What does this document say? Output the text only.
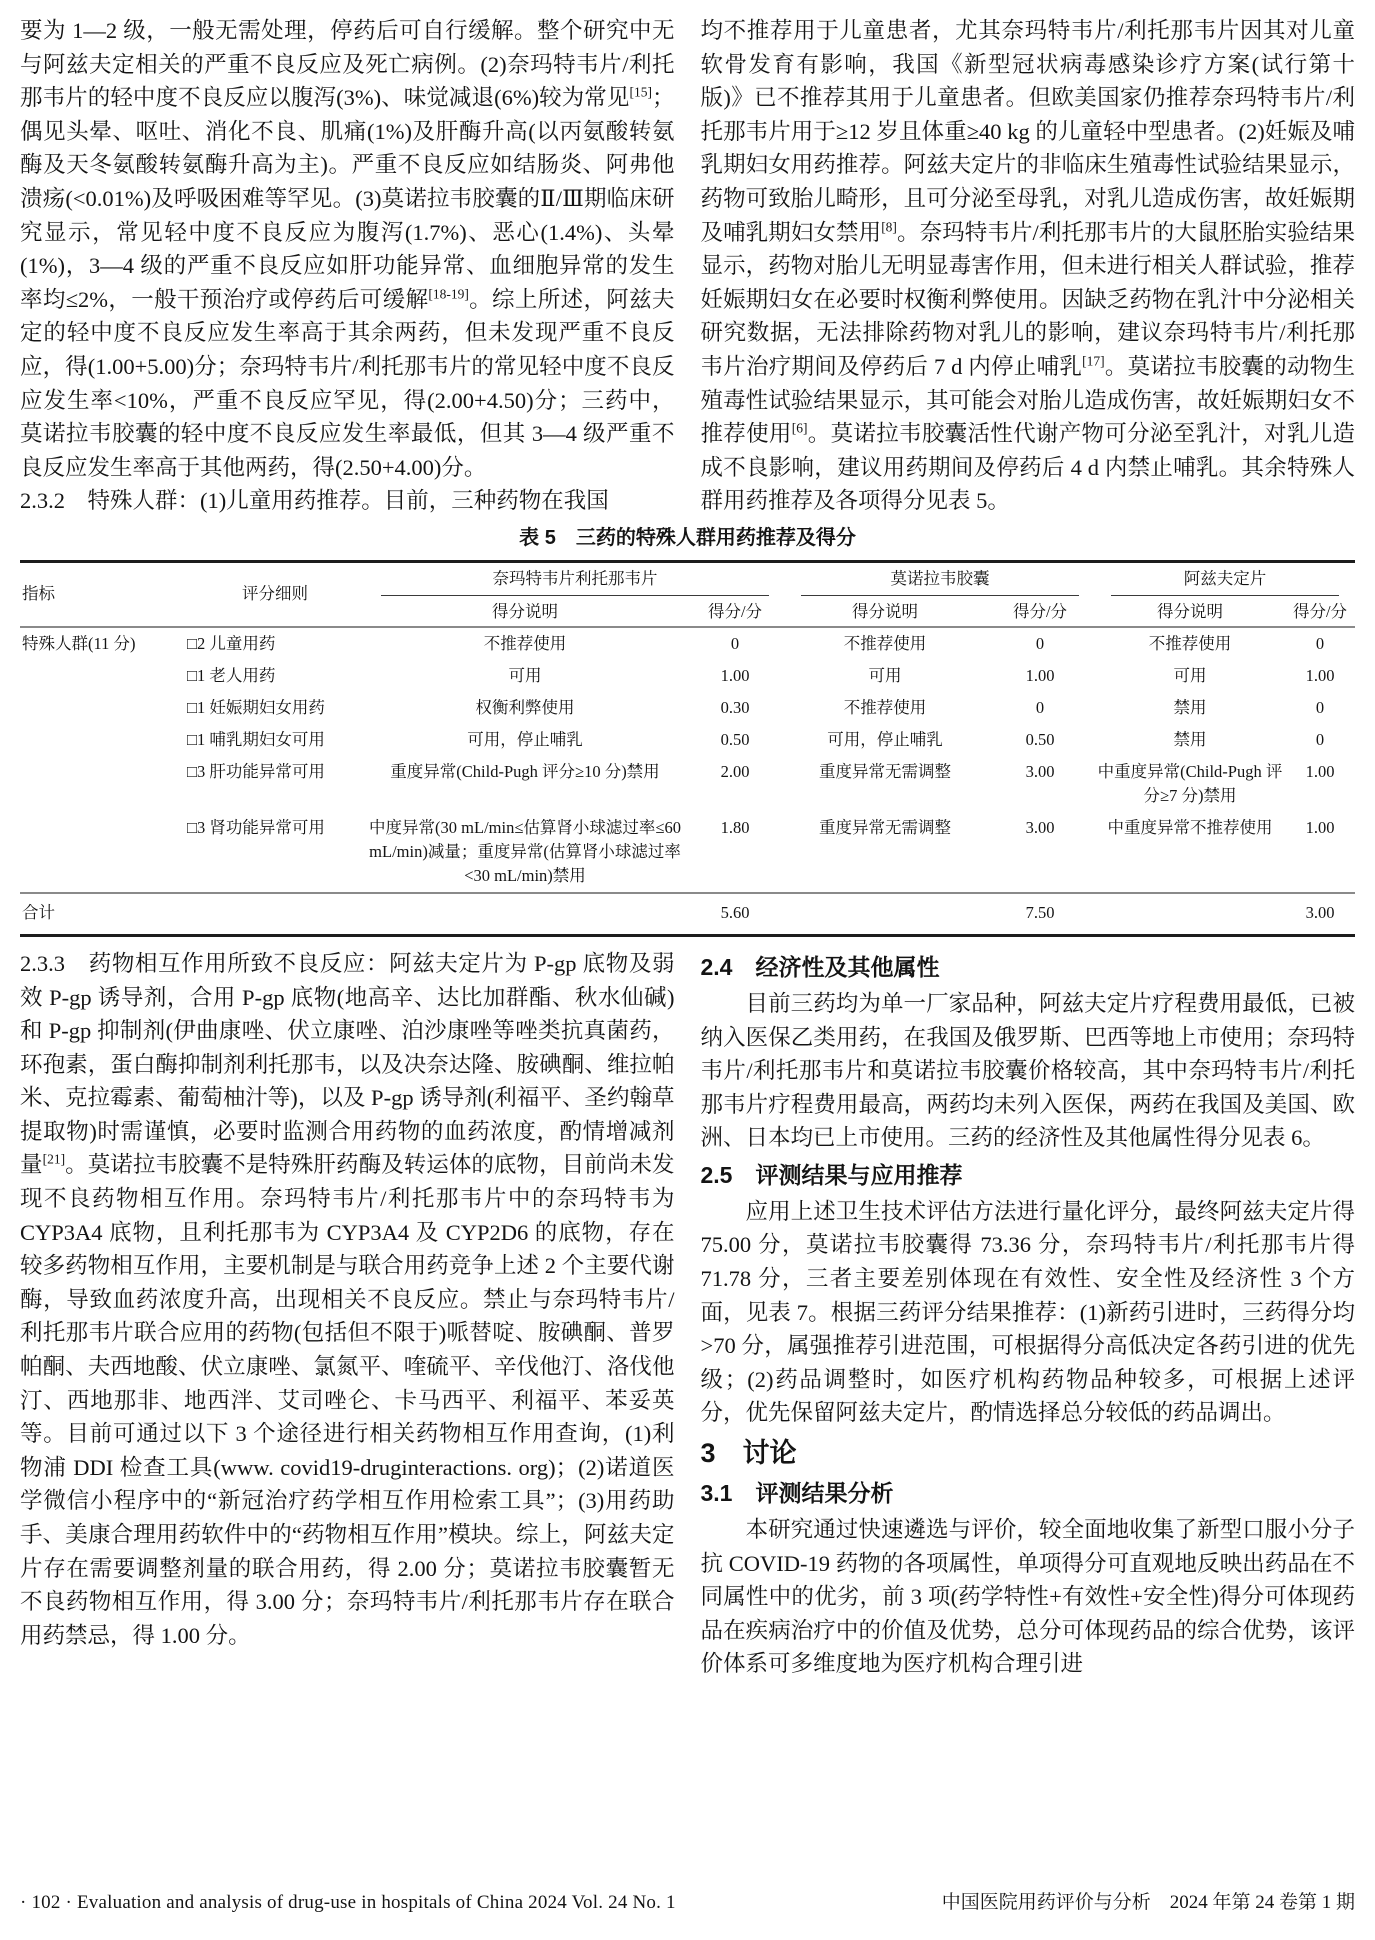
要为 1—2 级，一般无需处理，停药后可自行缓解。整个研究中无与阿兹夫定相关的严重不良反应及死亡病例。(2)奈玛特韦片/利托那韦片的轻中度不良反应以腹泻(3%)、味觉减退(6%)较为常见[15]；偶见头晕、呕吐、消化不良、肌痛(1%)及肝酶升高(以丙氨酸转氨酶及天冬氨酸转氨酶升高为主)。严重不良反应如结肠炎、阿弗他溃疡(<0.01%)及呼吸困难等罕见。(3)莫诺拉韦胶囊的Ⅱ/Ⅲ期临床研究显示，常见轻中度不良反应为腹泻(1.7%)、恶心(1.4%)、头晕(1%)，3—4 级的严重不良反应如肝功能异常、血细胞异常的发生率均≤2%，一般干预治疗或停药后可缓解[18-19]。综上所述，阿兹夫定的轻中度不良反应发生率高于其余两药，但未发现严重不良反应，得(1.00+5.00)分；奈玛特韦片/利托那韦片的常见轻中度不良反应发生率<10%，严重不良反应罕见，得(2.00+4.50)分；三药中，莫诺拉韦胶囊的轻中度不良反应发生率最低，但其 3—4 级严重不良反应发生率高于其他两药，得(2.50+4.00)分。

2.3.2　特殊人群：(1)儿童用药推荐。目前，三种药物在我国

均不推荐用于儿童患者，尤其奈玛特韦片/利托那韦片因其对儿童软骨发育有影响，我国《新型冠状病毒感染诊疗方案(试行第十版)》已不推荐其用于儿童患者。但欧美国家仍推荐奈玛特韦片/利托那韦片用于≥12 岁且体重≥40 kg 的儿童轻中型患者。(2)妊娠及哺乳期妇女用药推荐。阿兹夫定片的非临床生殖毒性试验结果显示，药物可致胎儿畸形，且可分泌至母乳，对乳儿造成伤害，故妊娠期及哺乳期妇女禁用[8]。奈玛特韦片/利托那韦片的大鼠胚胎实验结果显示，药物对胎儿无明显毒害作用，但未进行相关人群试验，推荐妊娠期妇女在必要时权衡利弊使用。因缺乏药物在乳汁中分泌相关研究数据，无法排除药物对乳儿的影响，建议奈玛特韦片/利托那韦片治疗期间及停药后 7 d 内停止哺乳[17]。莫诺拉韦胶囊的动物生殖毒性试验结果显示，其可能会对胎儿造成伤害，故妊娠期妇女不推荐使用[6]。莫诺拉韦胶囊活性代谢产物可分泌至乳汁，对乳儿造成不良影响，建议用药期间及停药后 4 d 内禁止哺乳。其余特殊人群用药推荐及各项得分见表 5。

表 5　三药的特殊人群用药推荐及得分
指标	评分细则	奈玛特韦片利托那韦片		莫诺拉韦胶囊		阿兹夫定片	

		得分说明	得分/分	得分说明	得分/分	得分说明	得分/分
特殊人群(11 分)	□2 儿童用药	不推荐使用	0	不推荐使用	0	不推荐使用	0
	□1 老人用药	可用	1.00	可用	1.00	可用	1.00
	□1 妊娠期妇女用药	权衡利弊使用	0.30	不推荐使用	0	禁用	0
	□1 哺乳期妇女可用	可用，停止哺乳	0.50	可用，停止哺乳	0.50	禁用	0
	□3 肝功能异常可用	重度异常(Child-Pugh 评分≥10 分)禁用	2.00	重度异常无需调整	3.00	中重度异常(Child-Pugh 评分≥7 分)禁用	1.00
	□3 肾功能异常可用	中度异常(30 mL/min≤估算肾小球滤过率≤60 mL/min)减量；重度异常(估算肾小球滤过率<30 mL/min)禁用	1.80	重度异常无需调整	3.00	中重度异常不推荐使用	1.00
合计			5.60		7.50		3.00

2.3.3　药物相互作用所致不良反应：阿兹夫定片为 P-gp 底物及弱效 P-gp 诱导剂，合用 P-gp 底物(地高辛、达比加群酯、秋水仙碱)和 P-gp 抑制剂(伊曲康唑、伏立康唑、泊沙康唑等唑类抗真菌药，环孢素，蛋白酶抑制剂利托那韦，以及决奈达隆、胺碘酮、维拉帕米、克拉霉素、葡萄柚汁等)，以及 P-gp 诱导剂(利福平、圣约翰草提取物)时需谨慎，必要时监测合用药物的血药浓度，酌情增减剂量[21]。莫诺拉韦胶囊不是特殊肝药酶及转运体的底物，目前尚未发现不良药物相互作用。奈玛特韦片/利托那韦片中的奈玛特韦为 CYP3A4 底物，且利托那韦为 CYP3A4 及 CYP2D6 的底物，存在较多药物相互作用，主要机制是与联合用药竞争上述 2 个主要代谢酶，导致血药浓度升高，出现相关不良反应。禁止与奈玛特韦片/利托那韦片联合应用的药物(包括但不限于)哌替啶、胺碘酮、普罗帕酮、夫西地酸、伏立康唑、氯氮平、喹硫平、辛伐他汀、洛伐他汀、西地那非、地西泮、艾司唑仑、卡马西平、利福平、苯妥英等。目前可通过以下 3 个途径进行相关药物相互作用查询，(1)利物浦 DDI 检查工具(www. covid19-druginteractions. org)；(2)诺道医学微信小程序中的“新冠治疗药学相互作用检索工具”；(3)用药助手、美康合理用药软件中的“药物相互作用”模块。综上，阿兹夫定片存在需要调整剂量的联合用药，得 2.00 分；莫诺拉韦胶囊暂无不良药物相互作用，得 3.00 分；奈玛特韦片/利托那韦片存在联合用药禁忌，得 1.00 分。

2.4　经济性及其他属性

目前三药均为单一厂家品种，阿兹夫定片疗程费用最低，已被纳入医保乙类用药，在我国及俄罗斯、巴西等地上市使用；奈玛特韦片/利托那韦片和莫诺拉韦胶囊价格较高，其中奈玛特韦片/利托那韦片疗程费用最高，两药均未列入医保，两药在我国及美国、欧洲、日本均已上市使用。三药的经济性及其他属性得分见表 6。

2.5　评测结果与应用推荐

应用上述卫生技术评估方法进行量化评分，最终阿兹夫定片得 75.00 分，莫诺拉韦胶囊得 73.36 分，奈玛特韦片/利托那韦片得 71.78 分，三者主要差别体现在有效性、安全性及经济性 3 个方面，见表 7。根据三药评分结果推荐：(1)新药引进时，三药得分均>70 分，属强推荐引进范围，可根据得分高低决定各药引进的优先级；(2)药品调整时，如医疗机构药物品种较多，可根据上述评分，优先保留阿兹夫定片，酌情选择总分较低的药品调出。

3　讨论
3.1　评测结果分析

本研究通过快速遴选与评价，较全面地收集了新型口服小分子抗 COVID-19 药物的各项属性，单项得分可直观地反映出药品在不同属性中的优劣，前 3 项(药学特性+有效性+安全性)得分可体现药品在疾病治疗中的价值及优势，总分可体现药品的综合优势，该评价体系可多维度地为医疗机构合理引进

· 102 · Evaluation and analysis of drug-use in hospitals of China 2024 Vol. 24 No. 1	中国医院用药评价与分析　2024 年第 24 卷第 1 期
